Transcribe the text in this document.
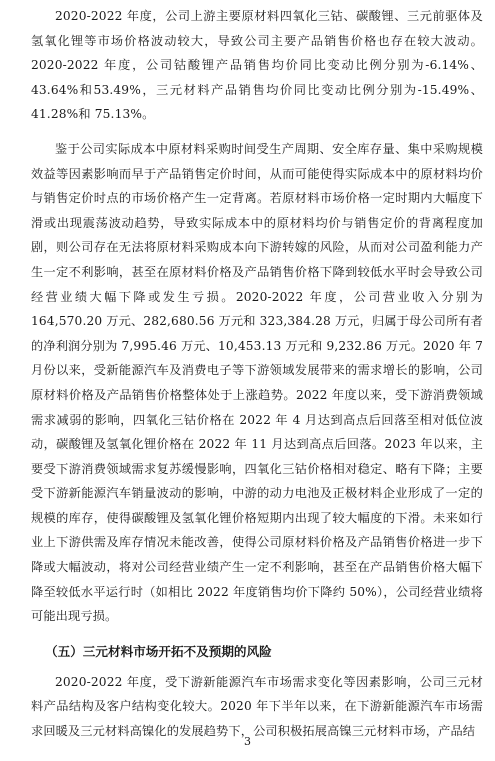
2020-2022 年度，公司上游主要原材料四氧化三钴、碳酸锂、三元前驱体及氢氧化锂等市场价格波动较大，导致公司主要产品销售价格也存在较大波动。2020-2022 年度，公司钴酸锂产品销售均价同比变动比例分别为-6.14%、43.64%和53.49%，三元材料产品销售均价同比变动比例分别为-15.49%、41.28%和 75.13%。

鉴于公司实际成本中原材料采购时间受生产周期、安全库存量、集中采购规模效益等因素影响而早于产品销售定价时间，从而可能使得实际成本中的原材料均价与销售定价时点的市场价格产生一定背离。若原材料市场价格一定时期内大幅度下滑或出现震荡波动趋势，导致实际成本中的原材料均价与销售定价的背离程度加剧，则公司存在无法将原材料采购成本向下游转嫁的风险，从而对公司盈利能力产生一定不利影响，甚至在原材料价格及产品销售价格下降到较低水平时会导致公司经营业绩大幅下降或发生亏损。2020-2022 年度，公司营业收入分别为164,570.20 万元、282,680.56 万元和 323,384.28 万元，归属于母公司所有者的净利润分别为 7,995.46 万元、10,453.13 万元和 9,232.86 万元。2020 年 7 月份以来，受新能源汽车及消费电子等下游领域发展带来的需求增长的影响，公司原材料价格及产品销售价格整体处于上涨趋势。2022 年度以来，受下游消费领域需求减弱的影响，四氧化三钴价格在 2022 年 4 月达到高点后回落至相对低位波动，碳酸锂及氢氧化锂价格在 2022 年 11 月达到高点后回落。2023 年以来，主要受下游消费领域需求复苏缓慢影响，四氧化三钴价格相对稳定、略有下降；主要受下游新能源汽车销量波动的影响，中游的动力电池及正极材料企业形成了一定的规模的库存，使得碳酸锂及氢氧化锂价格短期内出现了较大幅度的下滑。未来如行业上下游供需及库存情况未能改善，使得公司原材料价格及产品销售价格进一步下降或大幅波动，将对公司经营业绩产生一定不利影响，甚至在产品销售价格大幅下降至较低水平运行时（如相比 2022 年度销售均价下降约 50%），公司经营业绩将可能出现亏损。

（五）三元材料市场开拓不及预期的风险

2020-2022 年度，受下游新能源汽车市场需求变化等因素影响，公司三元材料产品结构及客户结构变化较大。2020 年下半年以来，在下游新能源汽车市场需求回暖及三元材料高镍化的发展趋势下，公司积极拓展高镍三元材料市场，产品结

3
